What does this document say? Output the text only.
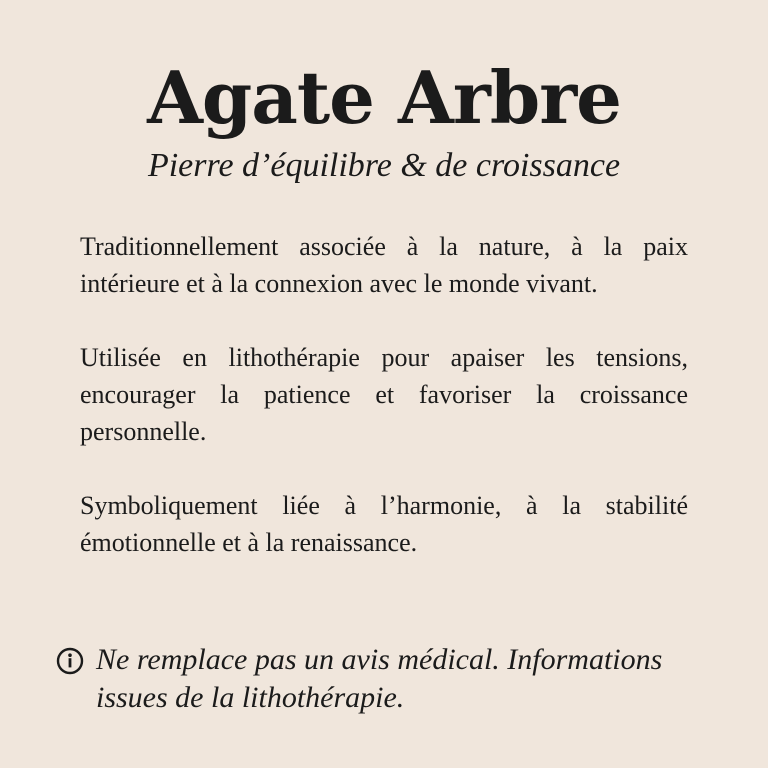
Agate Arbre
Pierre d’équilibre & de croissance

Traditionnellement associée à la nature, à la paix intérieure et à la connexion avec le monde vivant.

Utilisée en lithothérapie pour apaiser les tensions, encourager la patience et favoriser la croissance personnelle.

Symboliquement liée à l’harmonie, à la stabilité émotionnelle et à la renaissance.

Ne remplace pas un avis médical. Informations issues de la lithothérapie.
